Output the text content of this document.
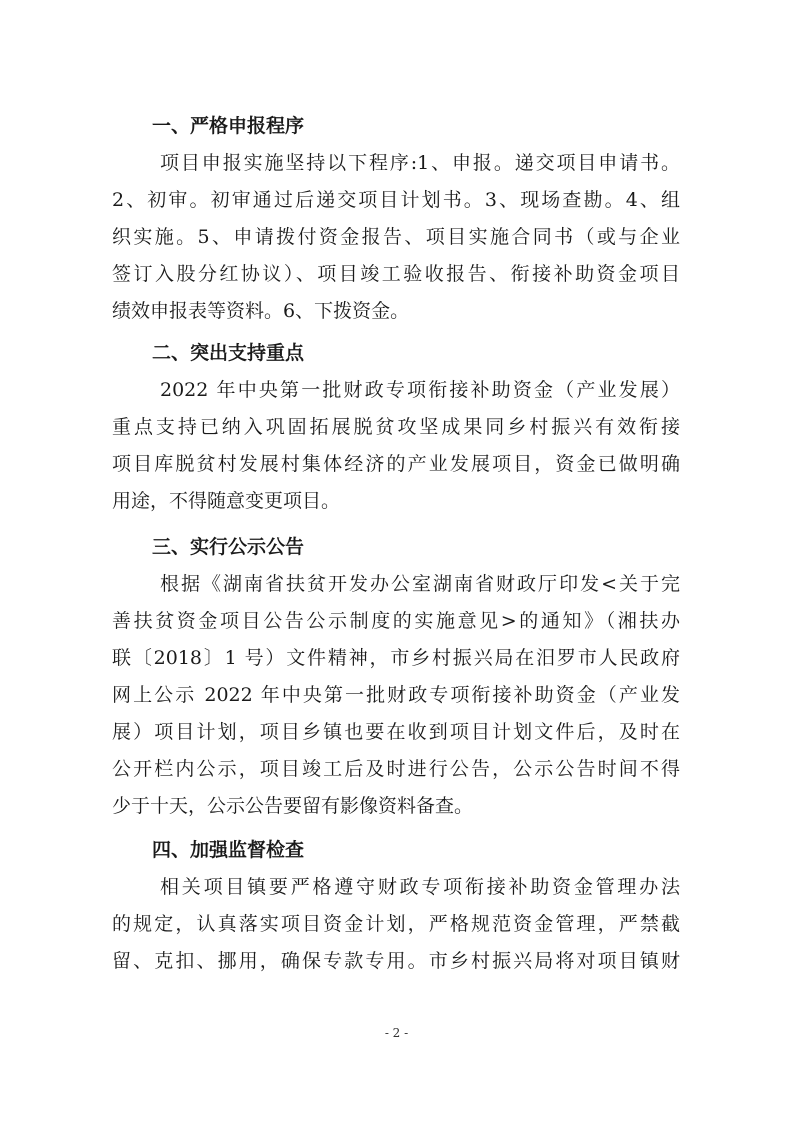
一、严格申报程序
项目申报实施坚持以下程序:1、申报。递交项目申请书。
2、初审。初审通过后递交项目计划书。3、现场查勘。4、组
织实施。5、申请拨付资金报告、项目实施合同书（或与企业
签订入股分红协议）、项目竣工验收报告、衔接补助资金项目
绩效申报表等资料。6、下拨资金。
二、突出支持重点
2022 年中央第一批财政专项衔接补助资金（产业发展）
重点支持已纳入巩固拓展脱贫攻坚成果同乡村振兴有效衔接
项目库脱贫村发展村集体经济的产业发展项目，资金已做明确
用途，不得随意变更项目。
三、实行公示公告
根据《湖南省扶贫开发办公室湖南省财政厅印发<关于完
善扶贫资金项目公告公示制度的实施意见>的通知》（湘扶办
联〔2018〕1 号）文件精神，市乡村振兴局在汨罗市人民政府
网上公示 2022 年中央第一批财政专项衔接补助资金（产业发
展）项目计划，项目乡镇也要在收到项目计划文件后，及时在
公开栏内公示，项目竣工后及时进行公告，公示公告时间不得
少于十天，公示公告要留有影像资料备查。
四、加强监督检查
相关项目镇要严格遵守财政专项衔接补助资金管理办法
的规定，认真落实项目资金计划，严格规范资金管理，严禁截
留、克扣、挪用，确保专款专用。市乡村振兴局将对项目镇财
- 2 -
